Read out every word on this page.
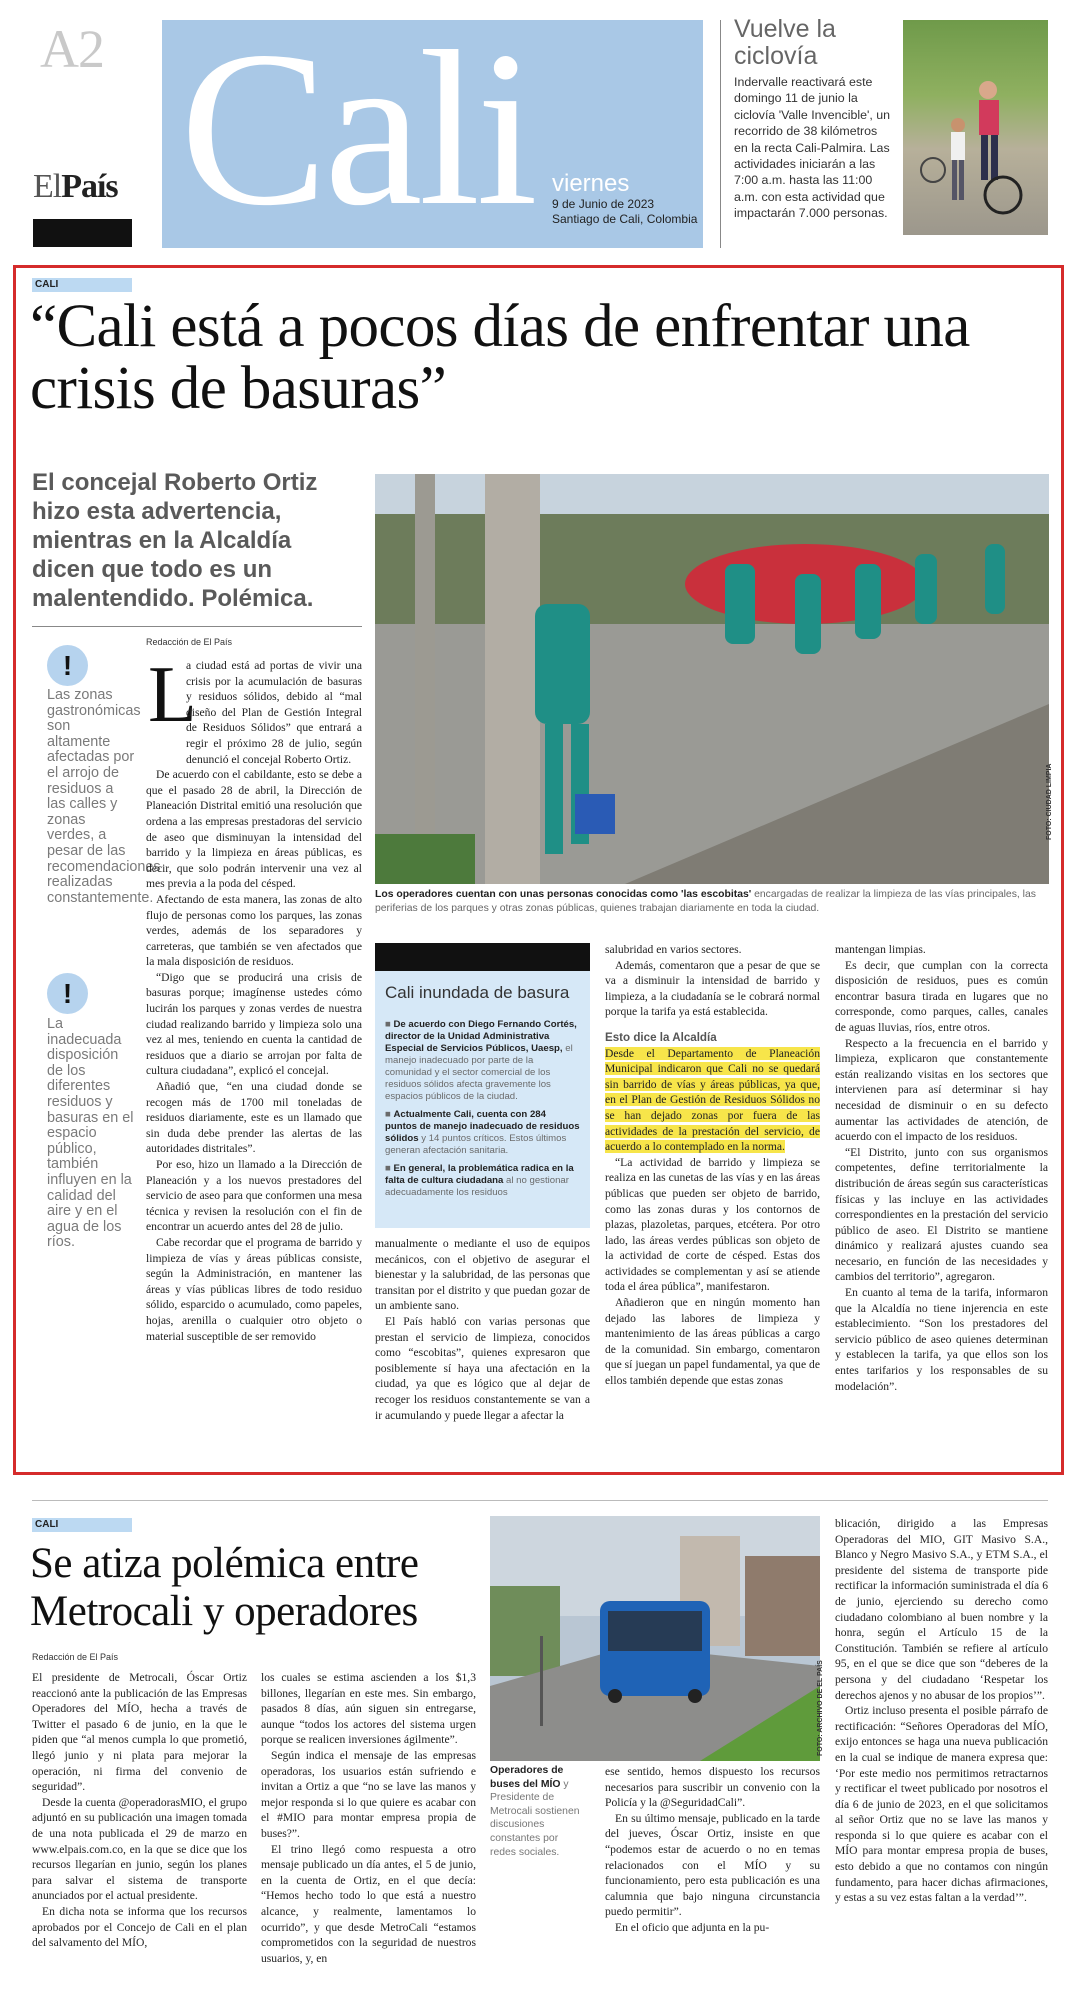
A2
ElPaís Cali viernes
9 de Junio de 2023
Santiago de Cali, Colombia
Vuelve la ciclovía
Indervalle reactivará este domingo 11 de junio la ciclovía 'Valle Invencible', un recorrido de 38 kilómetros en la recta Cali-Palmira. Las actividades iniciarán a las 7:00 a.m. hasta las 11:00 a.m. con esta actividad que impactarán 7.000 personas.
CALI
“Cali está a pocos días de enfrentar una crisis de basuras”
El concejal Roberto Ortiz hizo esta advertencia, mientras en la Alcaldía dicen que todo es un malentendido. Polémica.
FOTO: CIUDAD LIMPIA
Los operadores cuentan con unas personas conocidas como 'las escobitas' encargadas de realizar la limpieza de las vías principales, las periferias de los parques y otras zonas públicas, quienes trabajan diariamente en toda la ciudad.
!
Las zonas gastronómicas son altamente afectadas por el arrojo de residuos a las calles y zonas verdes, a pesar de las recomendaciones realizadas constantemente.
!
La inadecuada disposición de los diferentes residuos y basuras en el espacio público, también influyen en la calidad del aire y en el agua de los ríos.
Redacción de El País
L

a ciudad está ad portas de vivir una crisis por la acumulación de basuras y residuos sólidos, debido al “mal diseño del Plan de Gestión Integral de Residuos Sólidos” que entrará a regir el próximo 28 de julio, según denunció el concejal Roberto Ortiz.

De acuerdo con el cabildante, esto se debe a que el pasado 28 de abril, la Dirección de Planeación Distrital emitió una resolución que ordena a las empresas prestadoras del servicio de aseo que disminuyan la intensidad del barrido y la limpieza en áreas públicas, es decir, que solo podrán intervenir una vez al mes previa a la poda del césped.

Afectando de esta manera, las zonas de alto flujo de personas como los parques, las zonas verdes, además de los separadores y carreteras, que también se ven afectados que la mala disposición de residuos.

“Digo que se producirá una crisis de basuras porque; imagínense ustedes cómo lucirán los parques y zonas verdes de nuestra ciudad realizando barrido y limpieza solo una vez al mes, teniendo en cuenta la cantidad de residuos que a diario se arrojan por falta de cultura ciudadana”, explicó el concejal.

Añadió que, “en una ciudad donde se recogen más de 1700 mil toneladas de residuos diariamente, este es un llamado que sin duda debe prender las alertas de las autoridades distritales”.

Por eso, hizo un llamado a la Dirección de Planeación y a los nuevos prestadores del servicio de aseo para que conformen una mesa técnica y revisen la resolución con el fin de encontrar un acuerdo antes del 28 de julio.

Cabe recordar que el programa de barrido y limpieza de vías y áreas públicas consiste, según la Administración, en mantener las áreas y vías públicas libres de todo residuo sólido, esparcido o acumulado, como papeles, hojas, arenilla o cualquier otro objeto o material susceptible de ser removido

Cali inundada de basura
■ De acuerdo con Diego Fernando Cortés, director de la Unidad Administrativa Especial de Servicios Públicos, Uaesp, el manejo inadecuado por parte de la comunidad y el sector comercial de los residuos sólidos afecta gravemente los espacios públicos de la ciudad.
■ Actualmente Cali, cuenta con 284 puntos de manejo inadecuado de residuos sólidos y 14 puntos críticos. Estos últimos generan afectación sanitaria.
■ En general, la problemática radica en la falta de cultura ciudadana al no gestionar adecuadamente los residuos

manualmente o mediante el uso de equipos mecánicos, con el objetivo de asegurar el bienestar y la salubridad, de las personas que transitan por el distrito y que puedan gozar de un ambiente sano.

El País habló con varias personas que prestan el servicio de limpieza, conocidos como “escobitas”, quienes expresaron que posiblemente sí haya una afectación en la ciudad, ya que es lógico que al dejar de recoger los residuos constantemente se van a ir acumulando y puede llegar a afectar la

salubridad en varios sectores.

Además, comentaron que a pesar de que se va a disminuir la intensidad de barrido y limpieza, a la ciudadanía se le cobrará normal porque la tarifa ya está establecida.

Esto dice la Alcaldía

Desde el Departamento de Planeación Municipal indicaron que Cali no se quedará sin barrido de vías y áreas públicas, ya que, en el Plan de Gestión de Residuos Sólidos no se han dejado zonas por fuera de las actividades de la prestación del servicio, de acuerdo a lo contemplado en la norma.

“La actividad de barrido y limpieza se realiza en las cunetas de las vías y en las áreas públicas que pueden ser objeto de barrido, como las zonas duras y los contornos de plazas, plazoletas, parques, etcétera. Por otro lado, las áreas verdes públicas son objeto de la actividad de corte de césped. Estas dos actividades se complementan y así se atiende toda el área pública”, manifestaron.

Añadieron que en ningún momento han dejado las labores de limpieza y mantenimiento de las áreas públicas a cargo de la comunidad. Sin embargo, comentaron que sí juegan un papel fundamental, ya que de ellos también depende que estas zonas

mantengan limpias.

Es decir, que cumplan con la correcta disposición de residuos, pues es común encontrar basura tirada en lugares que no corresponde, como parques, calles, canales de aguas lluvias, ríos, entre otros.

Respecto a la frecuencia en el barrido y limpieza, explicaron que constantemente están realizando visitas en los sectores que intervienen para así determinar si hay necesidad de disminuir o en su defecto aumentar las actividades de atención, de acuerdo con el impacto de los residuos.

“El Distrito, junto con sus organismos competentes, define territorialmente la distribución de áreas según sus características físicas y las incluye en las actividades correspondientes en la prestación del servicio público de aseo. El Distrito se mantiene dinámico y realizará ajustes cuando sea necesario, en función de las necesidades y cambios del territorio”, agregaron.

En cuanto al tema de la tarifa, informaron que la Alcaldía no tiene injerencia en este establecimiento. “Son los prestadores del servicio público de aseo quienes determinan y establecen la tarifa, ya que ellos son los entes tarifarios y los responsables de su modelación”.

CALI
Se atiza polémica entre Metrocali y operadores
Redacción de El País

El presidente de Metrocali, Óscar Ortiz reaccionó ante la publicación de las Empresas Operadores del MÍO, hecha a través de Twitter el pasado 6 de junio, en la que le piden que “al menos cumpla lo que prometió, llegó junio y ni plata para mejorar la operación, ni firma del convenio de seguridad”.

Desde la cuenta @operadorasMIO, el grupo adjuntó en su publicación una imagen tomada de una nota publicada el 29 de marzo en www.elpais.com.co, en la que se dice que los recursos llegarían en junio, según los planes para salvar el sistema de transporte anunciados por el actual presidente.

En dicha nota se informa que los recursos aprobados por el Concejo de Cali en el plan del salvamento del MÍO,

los cuales se estima ascienden a los $1,3 billones, llegarían en este mes. Sin embargo, pasados 8 días, aún siguen sin entregarse, aunque “todos los actores del sistema urgen porque se realicen inversiones ágilmente”.

Según indica el mensaje de las empresas operadoras, los usuarios están sufriendo e invitan a Ortiz a que “no se lave las manos y mejor responda si lo que quiere es acabar con el #MIO para montar empresa propia de buses?”.

El trino llegó como respuesta a otro mensaje publicado un día antes, el 5 de junio, en la cuenta de Ortiz, en el que decía: “Hemos hecho todo lo que está a nuestro alcance, y realmente, lamentamos lo ocurrido”, y que desde MetroCali “estamos comprometidos con la seguridad de nuestros usuarios, y, en

FOTO: ARCHIVO DE EL PAÍS
Operadores de buses del MÍO y Presidente de Metrocali sostienen discusiones constantes por redes sociales.

ese sentido, hemos dispuesto los recursos necesarios para suscribir un convenio con la Policía y la @SeguridadCali”.

En su último mensaje, publicado en la tarde del jueves, Óscar Ortiz, insiste en que “podemos estar de acuerdo o no en temas relacionados con el MÍO y su funcionamiento, pero esta publicación es una calumnia que bajo ninguna circunstancia puedo permitir”.

En el oficio que adjunta en la pu-

blicación, dirigido a las Empresas Operadoras del MIO, GIT Masivo S.A., Blanco y Negro Masivo S.A., y ETM S.A., el presidente del sistema de transporte pide rectificar la información suministrada el día 6 de junio, ejerciendo su derecho como ciudadano colombiano al buen nombre y la honra, según el Artículo 15 de la Constitución. También se refiere al artículo 95, en el que se dice que son “deberes de la persona y del ciudadano ‘Respetar los derechos ajenos y no abusar de los propios’”.

Ortiz incluso presenta el posible párrafo de rectificación: “Señores Operadoras del MÍO, exijo entonces se haga una nueva publicación en la cual se indique de manera expresa que: ‘Por este medio nos permitimos retractarnos y rectificar el tweet publicado por nosotros el día 6 de junio de 2023, en el que solicitamos al señor Ortiz que no se lave las manos y responda si lo que quiere es acabar con el MÍO para montar empresa propia de buses, esto debido a que no contamos con ningún fundamento, para hacer dichas afirmaciones, y estas a su vez estas faltan a la verdad’”.
